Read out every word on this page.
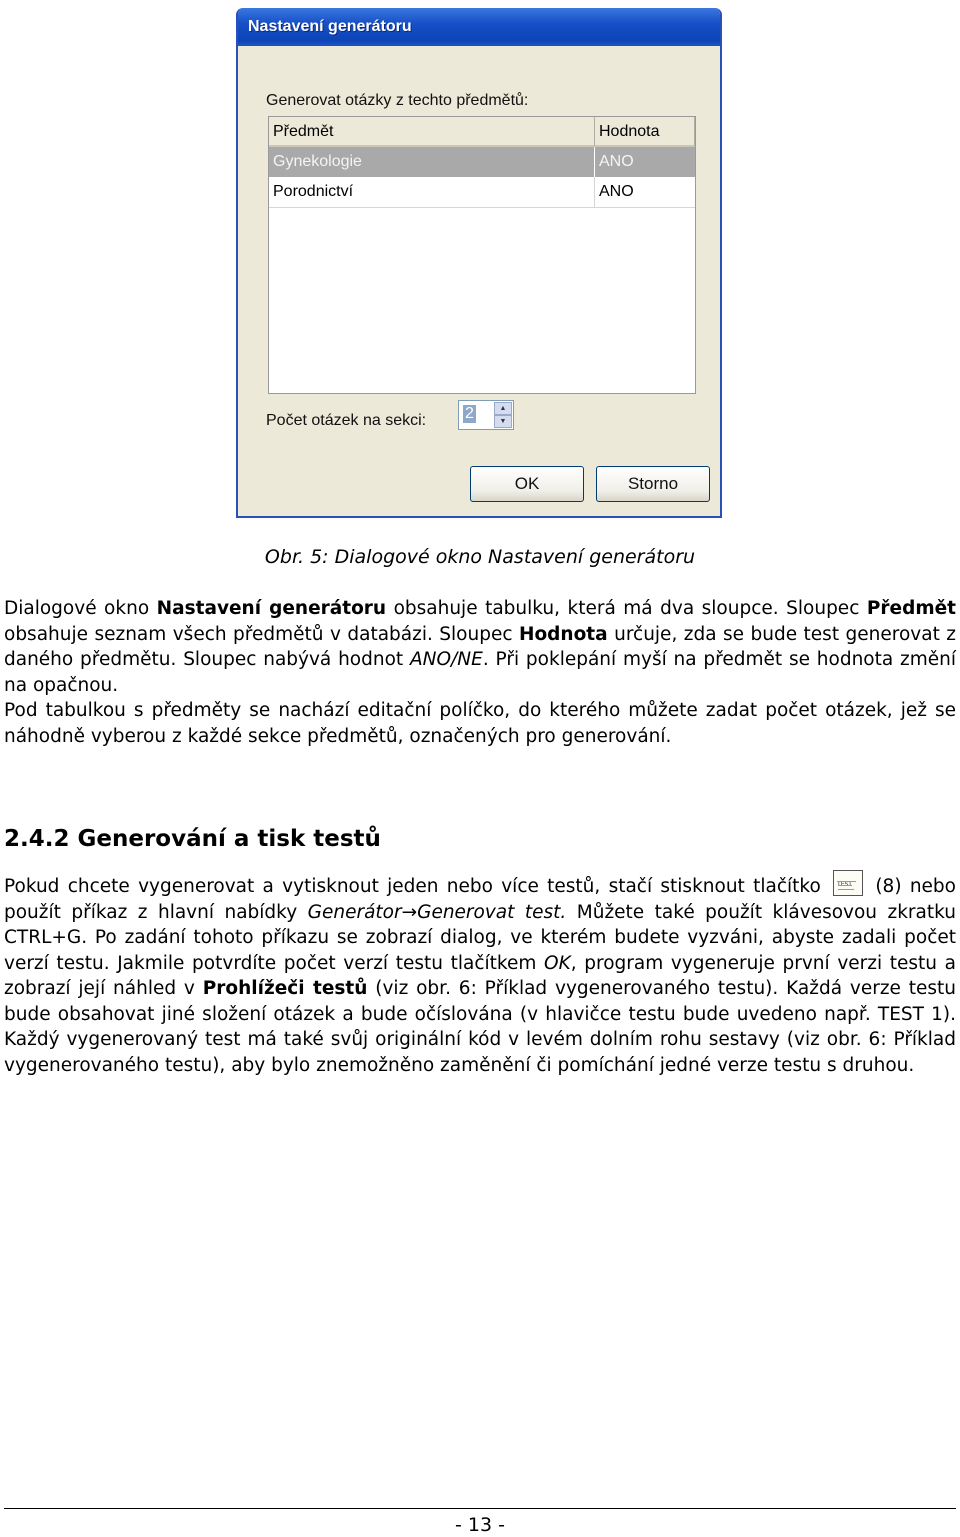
Nastavení generátoru
Generovat otázky z techto předmětů:
Předmět	Hodnota
Gynekologie	ANO
Porodnictví	ANO
Počet otázek na sekci: 2	▲
▼
OK	Storno
Obr. 5: Dialogové okno Nastavení generátoru

Dialogové okno Nastavení generátoru obsahuje tabulku, která má dva sloupce. Sloupec Předmět obsahuje seznam všech předmětů v databázi. Sloupec Hodnota určuje, zda se bude test generovat z daného předmětu. Sloupec nabývá hodnot ANO/NE. Při poklepání myší na předmět se hodnota změní na opačnou.

Pod tabulkou s předměty se nachází editační políčko, do kterého můžete zadat počet otázek, jež se náhodně vyberou z každé sekce předmětů, označených pro generování.

2.4.2 Generování a tisk testů

Pokud chcete vygenerovat a vytisknout jeden nebo více testů, stačí stisknout tlačítko
(8) nebo použít příkaz z hlavní nabídky Generátor→Generovat test. Můžete také použít klávesovou zkratku CTRL+G. Po zadání tohoto příkazu se zobrazí dialog, ve kterém budete vyzváni, abyste zadali počet verzí testu. Jakmile potvrdíte počet verzí testu tlačítkem OK, program vygeneruje první verzi testu a zobrazí její náhled v Prohlížeči testů (viz obr. 6: Příklad vygenerovaného testu). Každá verze testu bude obsahovat jiné složení otázek a bude očíslována (v hlavičce testu bude uvedeno např. TEST 1). Každý vygenerovaný test má také svůj originální kód v levém dolním rohu sestavy (viz obr. 6: Příklad vygenerovaného testu), aby bylo znemožněno zaměnění či pomíchání jedné verze testu s druhou.

- 13 -
